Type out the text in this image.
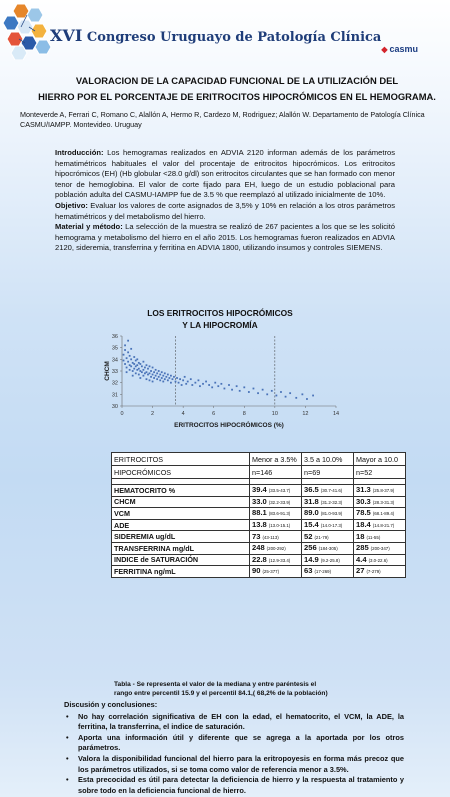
XVI Congreso Uruguayo de Patología Clínica
◆ casmu
VALORACION DE LA CAPACIDAD FUNCIONAL DE LA UTILIZACIÓN DEL
HIERRO POR EL PORCENTAJE DE ERITROCITOS HIPOCRÓMICOS EN EL HEMOGRAMA.
Monteverde A, Ferrari C, Romano C, Alallón A, Hermo R, Cardezo M, Rodriguez; Alallón W. Departamento de Patología Clínica CASMU/IAMPP. Montevideo. Uruguay

Introducción: Los hemogramas realizados en ADVIA 2120 informan además de los parámetros hematimétricos habituales el valor del procentaje de eritrocitos hipocrómicos. Los eritrocitos hipocrómicos (EH) (Hb globular <28.0 g/dl) son eritrocitos circulantes que se han formado con menor tenor de hemoglobina. El valor de corte fijado para EH, luego de un estudio poblacional para población adulta del CASMU-IAMPP fue de 3.5 % que reemplazó al utilizado inicialmente de 10%.

Objetivo: Evaluar los valores de corte asignados de 3,5% y 10% en relación a los otros parámetros hematimétricos y del metabolismo del hierro.

Material y método: La selección de la muestra se realizó de 267 pacientes a los que se les solicitó hemograma y metabolismo del hierro en el año 2015. Los hemogramas fueron realizados en ADVIA 2120, sideremia, transferrina y ferritina en ADVIA 1800, utilizando insumos y controles SIEMENS.

LOS ERITROCITOS HIPOCRÓMICOS
Y LA HIPOCROMÍA
0	2	4	6	8	10	12	14
30
31
32
33
34
35
36
ERITROCITOS HIPOCRÓMICOS (%)
CHCM
ERITROCITOS	Menor a 3.5%	3.5 a 10.0%	Mayor a 10.0
HIPOCRÓMICOS	n=146	n=69	n=52

HEMATOCRITO %	39.4 (33.5-43.7)	36.5 (30.7-41.6)	31.3 (25.8-37.9)
CHCM	33.0 (32.2-33.9)	31.8 (31.2-32.3)	30.3 (28.3-31.3)
VCM	88.1 (83.6-91.3)	89.0 (81.0-93.9)	78.5 (68.1-89.4)
ADE	13.8 (13.0-15.1)	15.4 (14.0-17.3)	18.4 (14.8-21.7)
SIDEREMIA ug/dL	73 (43-113)	52 (21-79)	18 (11-55)
TRANSFERRINA mg/dL	248 (200-292)	256 (184-305)	285 (200-347)
INDICE de SATURACIÓN	22.8 (12.9-33.4)	14.9 (9.2-25.8)	4.4 (3.0-22.6)
FERRITINA ng/mL	90 (25-377)	63 (17-269)	27 (7-279)
Tabla - Se representa el valor de la mediana y entre paréntesis el
rango entre percentil 15.9 y el percentil 84.1,( 68,2% de la población)
Discusión y conclusiones:
• No hay correlación significativa de EH con la edad, el hematocrito, el VCM, la ADE, la ferritina, la transferrina, el indice de saturación.
• Aporta una información útil y diferente que se agrega a la aportada por los otros parámetros.
• Valora la disponibilidad funcional del hierro para la eritropoyesis en forma más precoz que los parámetros utilizados, si se toma como valor de referencia menor a 3.5%.
• Esta precocidad es útil para detectar la deficiencia de hierro y la respuesta al tratamiento y sobre todo en la deficiencia funcional de hierro.
